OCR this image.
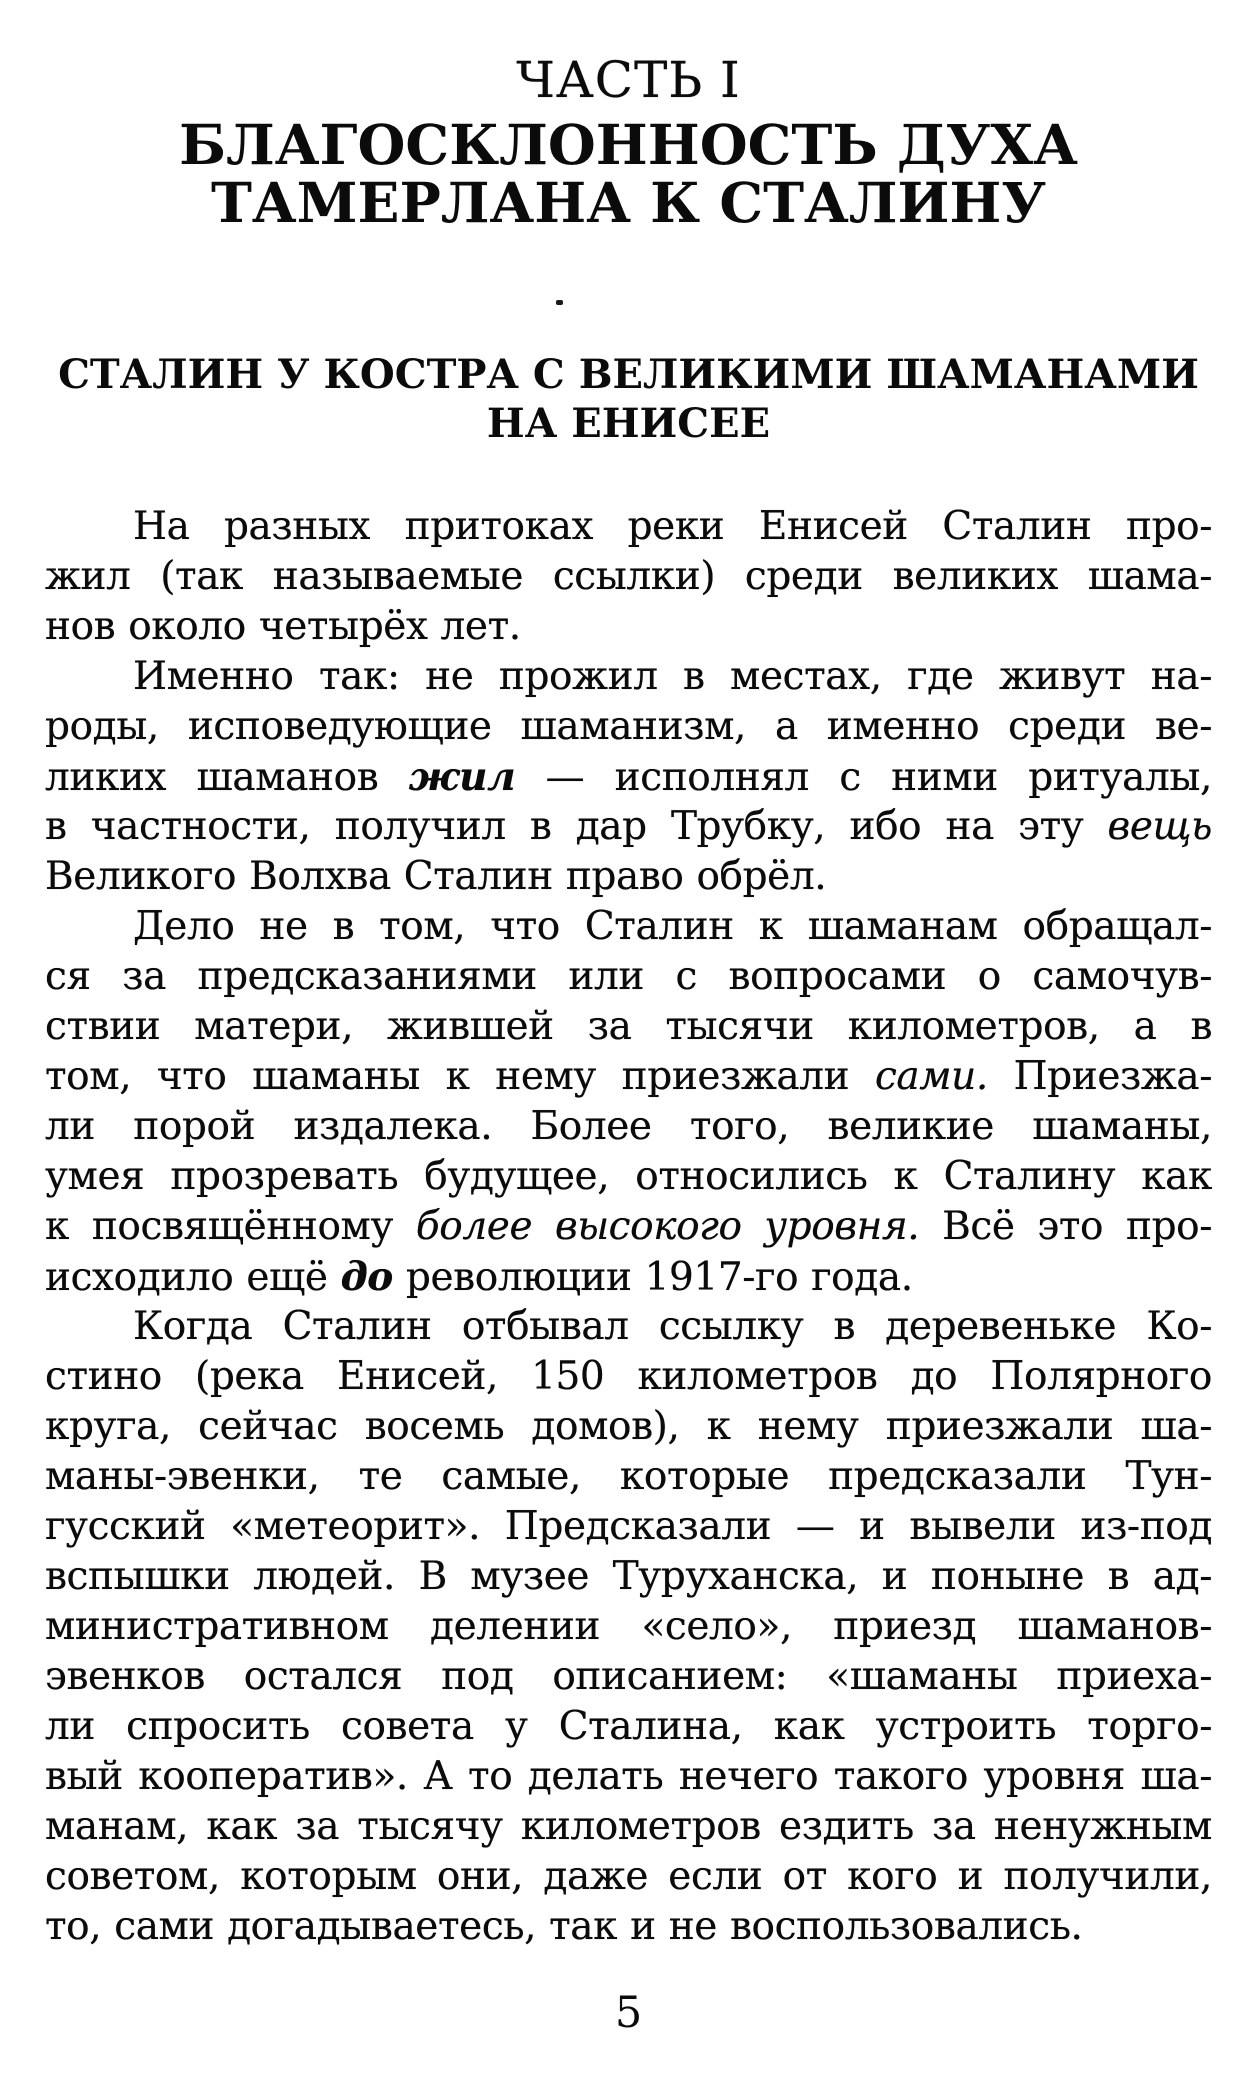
ЧАСТЬ I
БЛАГОСКЛОННОСТЬ ДУХА
ТАМЕРЛАНА К СТАЛИНУ
СТАЛИН У КОСТРА С ВЕЛИКИМИ ШАМАНАМИ
НА ЕНИСЕЕ
На разных притоках реки Енисей Сталин про-
жил (так называемые ссылки) среди великих шама-
нов около четырёх лет.
Именно так: не прожил в местах, где живут на-
роды, исповедующие шаманизм, а именно среди ве-
ликих шаманов жил — исполнял с ними ритуалы,
в частности, получил в дар Трубку, ибо на эту вещь
Великого Волхва Сталин право обрёл.
Дело не в том, что Сталин к шаманам обращал-
ся за предсказаниями или с вопросами о самочув-
ствии матери, жившей за тысячи километров, а в
том, что шаманы к нему приезжали сами. Приезжа-
ли порой издалека. Более того, великие шаманы,
умея прозревать будущее, относились к Сталину как
к посвящённому более высокого уровня. Всё это про-
исходило ещё до революции 1917-го года.
Когда Сталин отбывал ссылку в деревеньке Ко-
стино (река Енисей, 150 километров до Полярного
круга, сейчас восемь домов), к нему приезжали ша-
маны-эвенки, те самые, которые предсказали Тун-
гусский «метеорит». Предсказали — и вывели из-под
вспышки людей. В музее Туруханска, и поныне в ад-
министративном делении «село», приезд шаманов-
эвенков остался под описанием: «шаманы приеха-
ли спросить совета у Сталина, как устроить торго-
вый кооператив». А то делать нечего такого уровня ша-
манам, как за тысячу километров ездить за ненужным
советом, которым они, даже если от кого и получили,
то, сами догадываетесь, так и не воспользовались.
5
